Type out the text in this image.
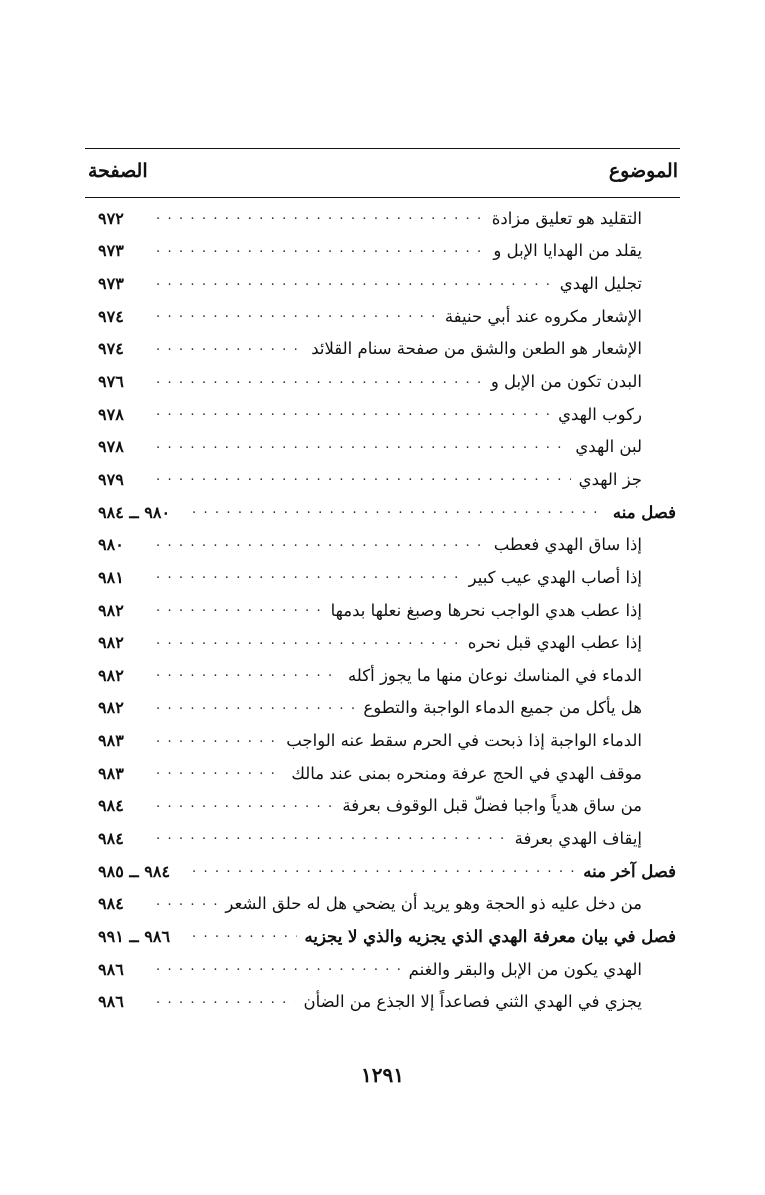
الموضوع
الصفحة
التقليد هو تعليق مزادة
. . .
٩٧٢
يقلد من الهدايا الإبل و
. . .
٩٧٣
تجليل الهدي
. . .
٩٧٣
الإشعار مكروه عند أبي حنيفة
. . .
٩٧٤
الإشعار هو الطعن والشق من صفحة سنام القلائد
. . .
٩٧٤
البدن تكون من الإبل و
. . .
٩٧٦
ركوب الهدي
. . .
٩٧٨
لبن الهدي
. . .
٩٧٨
جز الهدي
. . .
٩٧٩
فصل منه
. . .
٩٨٠ ــ ٩٨٤
إذا ساق الهدي فعطب
. . .
٩٨٠
إذا أصاب الهدي عيب كبير
. . .
٩٨١
إذا عطب هدي الواجب نحرها وصبغ نعلها بدمها
. . .
٩٨٢
إذا عطب الهدي قبل نحره
. . .
٩٨٢
الدماء في المناسك نوعان منها ما يجوز أكله
. . .
٩٨٢
هل يأكل من جميع الدماء الواجبة والتطوع
. . .
٩٨٢
الدماء الواجبة إذا ذبحت في الحرم سقط عنه الواجب
. . .
٩٨٣
موقف الهدي في الحج عرفة ومنحره بمنى عند مالك
. . .
٩٨٣
من ساق هدياً واجبا فضلّ قبل الوقوف بعرفة
. . .
٩٨٤
إيقاف الهدي بعرفة
. . .
٩٨٤
فصل آخر منه
. . .
٩٨٤ ــ ٩٨٥
من دخل عليه ذو الحجة وهو يريد أن يضحي هل له حلق الشعر
. . .
٩٨٤
فصل في بيان معرفة الهدي الذي يجزيه والذي لا يجزيه
. . .
٩٨٦ ــ ٩٩١
الهدي يكون من الإبل والبقر والغنم
. . .
٩٨٦
يجزي في الهدي الثني فصاعداً إلا الجذع من الضأن
. . .
٩٨٦
١٢٩١
